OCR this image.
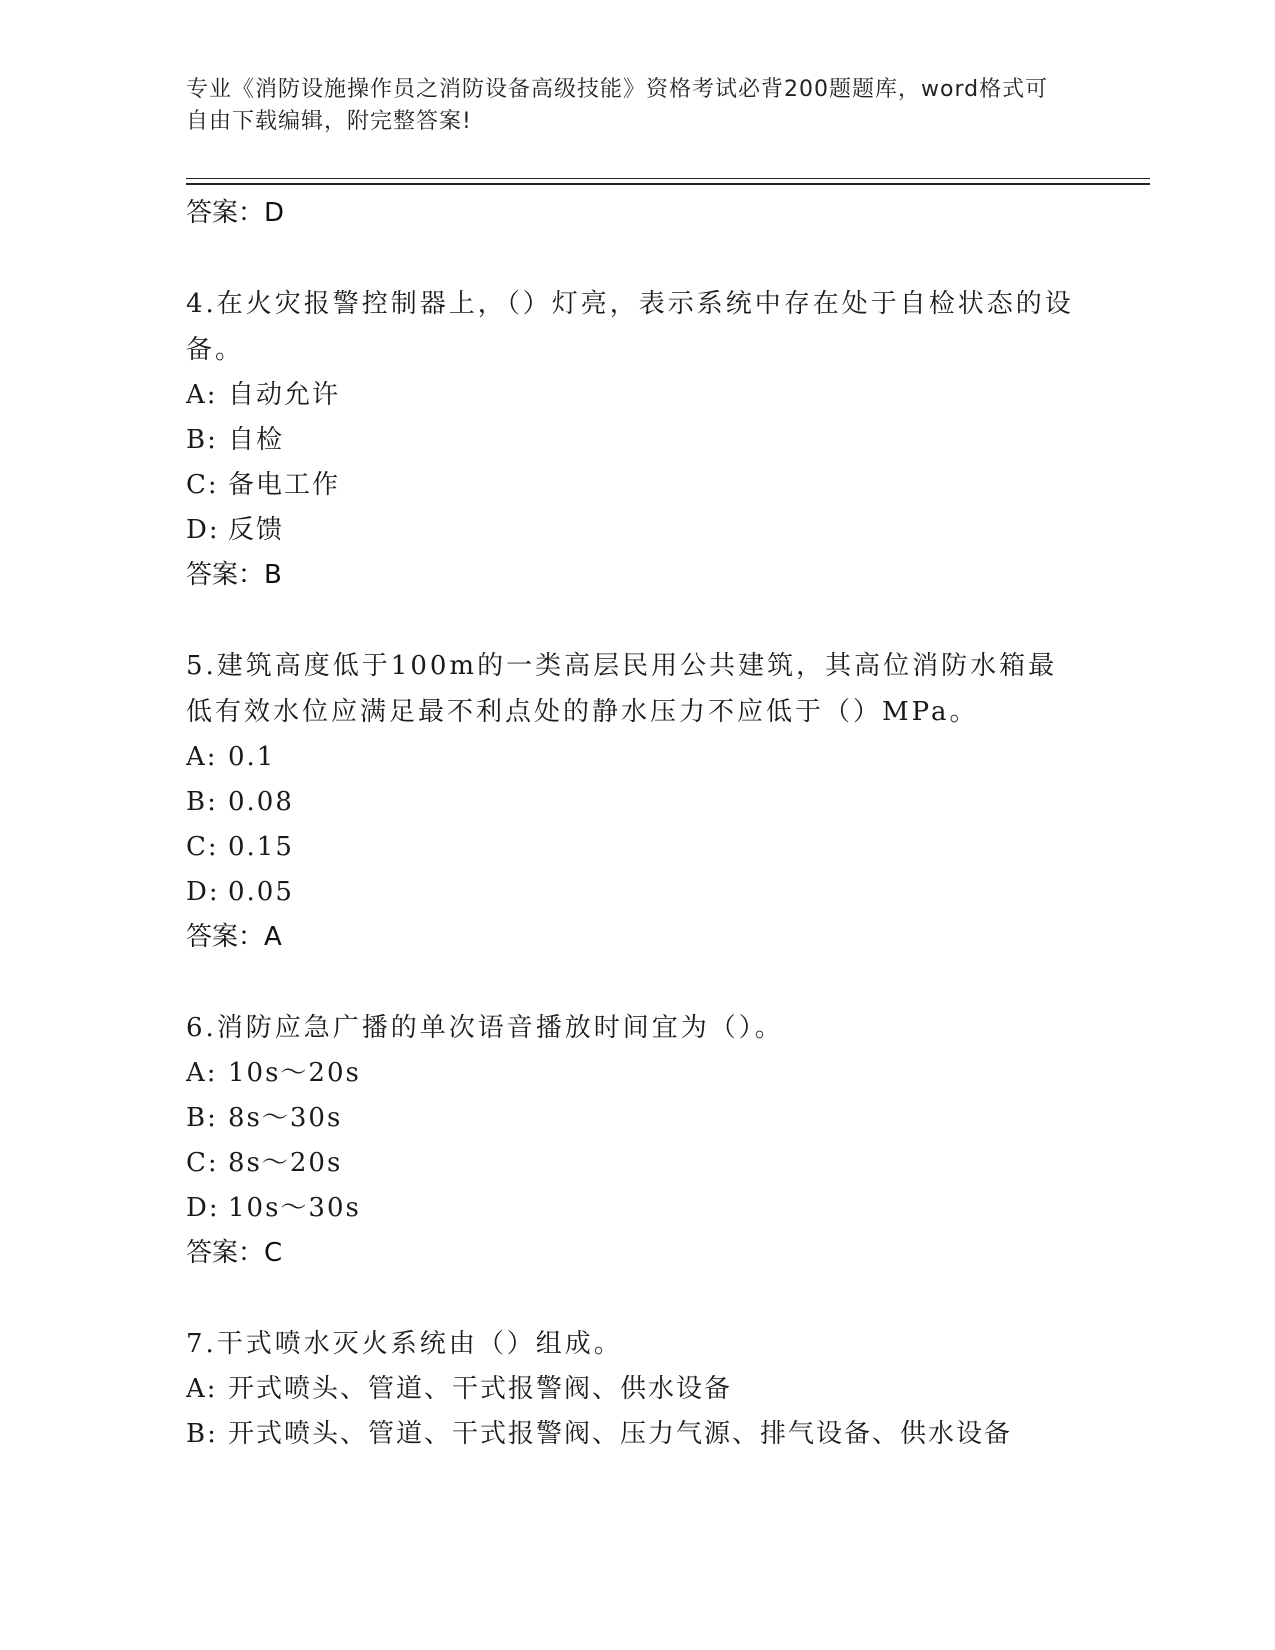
专业《消防设施操作员之消防设备高级技能》资格考试必背200题题库，word格式可自由下载编辑，附完整答案!
答案：D
4.在火灾报警控制器上，（）灯亮，表示系统中存在处于自检状态的设备。
A: 自动允许
B: 自检
C: 备电工作
D: 反馈
答案：B
5.建筑高度低于100m的一类高层民用公共建筑，其高位消防水箱最低有效水位应满足最不利点处的静水压力不应低于（）MPa。
A: 0.1
B: 0.08
C: 0.15
D: 0.05
答案：A
6.消防应急广播的单次语音播放时间宜为（）。
A: 10s～20s
B: 8s～30s
C: 8s～20s
D: 10s～30s
答案：C
7.干式喷水灭火系统由（）组成。
A: 开式喷头、管道、干式报警阀、供水设备
B: 开式喷头、管道、干式报警阀、压力气源、排气设备、供水设备
